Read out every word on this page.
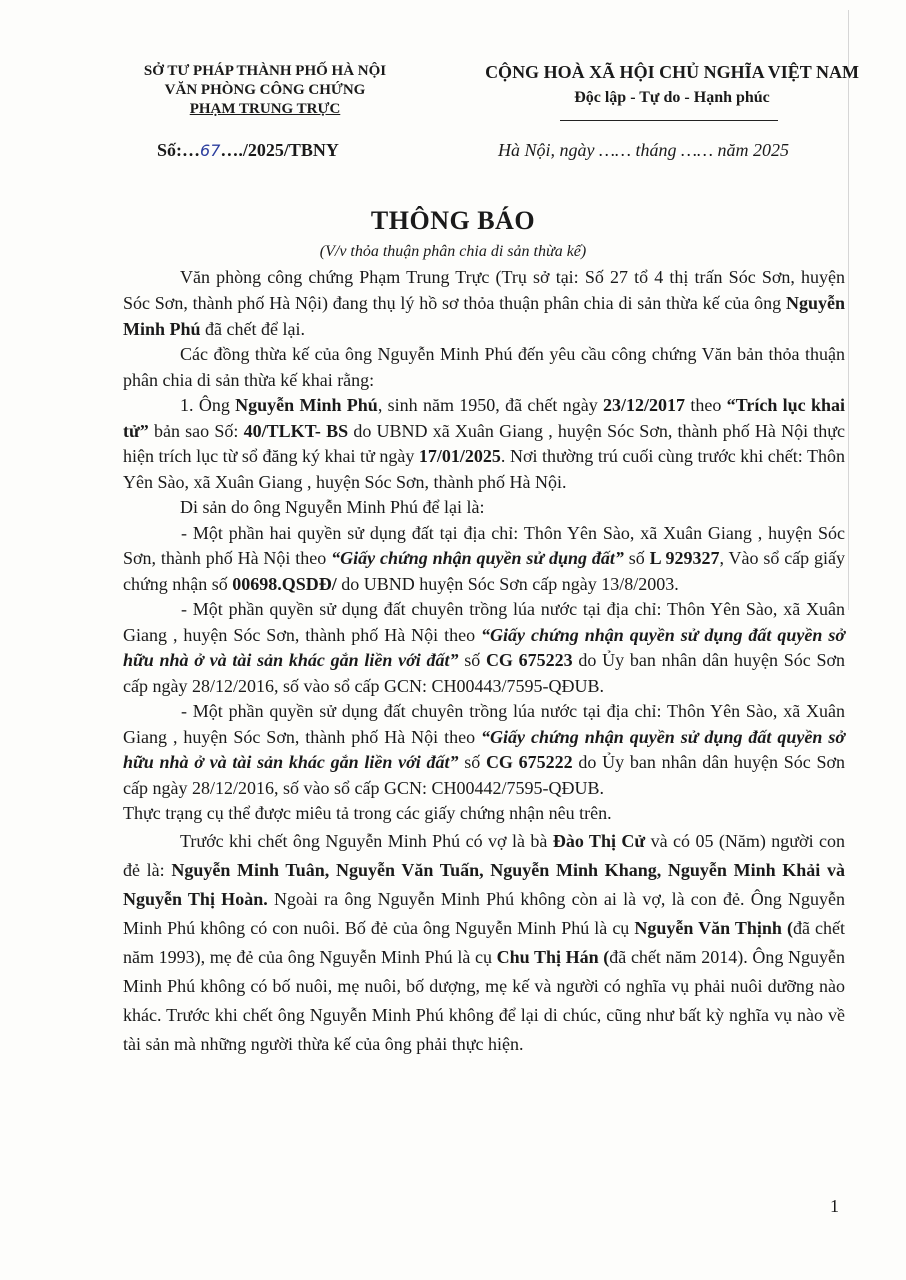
SỞ TƯ PHÁP THÀNH PHỐ HÀ NỘI
VĂN PHÒNG CÔNG CHỨNG
PHẠM TRUNG TRỰC
CỘNG HOÀ XÃ HỘI CHỦ NGHĨA VIỆT NAM
Độc lập - Tự do - Hạnh phúc
Số:…67…./2025/TBNY	Hà Nội, ngày …… tháng …… năm 2025
THÔNG BÁO
(V/v thỏa thuận phân chia di sản thừa kế)

Văn phòng công chứng Phạm Trung Trực (Trụ sở tại: Số 27 tổ 4 thị trấn Sóc Sơn, huyện Sóc Sơn, thành phố Hà Nội) đang thụ lý hồ sơ thỏa thuận phân chia di sản thừa kế của ông Nguyễn Minh Phú đã chết để lại.

Các đồng thừa kế của ông Nguyễn Minh Phú đến yêu cầu công chứng Văn bản thỏa thuận phân chia di sản thừa kế khai rằng:

1. Ông Nguyễn Minh Phú, sinh năm 1950, đã chết ngày 23/12/2017 theo “Trích lục khai tử” bản sao Số: 40/TLKT- BS do UBND xã Xuân Giang , huyện Sóc Sơn, thành phố Hà Nội thực hiện trích lục từ sổ đăng ký khai tử ngày 17/01/2025. Nơi thường trú cuối cùng trước khi chết: Thôn Yên Sào, xã Xuân Giang , huyện Sóc Sơn, thành phố Hà Nội.

Di sản do ông Nguyễn Minh Phú để lại là:

- Một phần hai quyền sử dụng đất tại địa chỉ: Thôn Yên Sào, xã Xuân Giang , huyện Sóc Sơn, thành phố Hà Nội theo “Giấy chứng nhận quyền sử dụng đất” số L 929327, Vào sổ cấp giấy chứng nhận số 00698.QSDĐ/ do UBND huyện Sóc Sơn cấp ngày 13/8/2003.

- Một phần quyền sử dụng đất chuyên trồng lúa nước tại địa chỉ: Thôn Yên Sào, xã Xuân Giang , huyện Sóc Sơn, thành phố Hà Nội theo “Giấy chứng nhận quyền sử dụng đất quyền sở hữu nhà ở và tài sản khác gắn liền với đất” số CG 675223 do Ủy ban nhân dân huyện Sóc Sơn cấp ngày 28/12/2016, số vào sổ cấp GCN: CH00443/7595-QĐUB.

- Một phần quyền sử dụng đất chuyên trồng lúa nước tại địa chỉ: Thôn Yên Sào, xã Xuân Giang , huyện Sóc Sơn, thành phố Hà Nội theo “Giấy chứng nhận quyền sử dụng đất quyền sở hữu nhà ở và tài sản khác gắn liền với đất” số CG 675222 do Ủy ban nhân dân huyện Sóc Sơn cấp ngày 28/12/2016, số vào sổ cấp GCN: CH00442/7595-QĐUB.

Thực trạng cụ thể được miêu tả trong các giấy chứng nhận nêu trên.

Trước khi chết ông Nguyễn Minh Phú có vợ là bà Đào Thị Cử và có 05 (Năm) người con đẻ là: Nguyễn Minh Tuân, Nguyễn Văn Tuấn, Nguyễn Minh Khang, Nguyễn Minh Khải và Nguyễn Thị Hoàn. Ngoài ra ông Nguyễn Minh Phú không còn ai là vợ, là con đẻ. Ông Nguyễn Minh Phú không có con nuôi. Bố đẻ của ông Nguyễn Minh Phú là cụ Nguyễn Văn Thịnh (đã chết năm 1993), mẹ đẻ của ông Nguyễn Minh Phú là cụ Chu Thị Hán (đã chết năm 2014). Ông Nguyễn Minh Phú không có bố nuôi, mẹ nuôi, bố dượng, mẹ kế và người có nghĩa vụ phải nuôi dưỡng nào khác. Trước khi chết ông Nguyễn Minh Phú không để lại di chúc, cũng như bất kỳ nghĩa vụ nào về tài sản mà những người thừa kế của ông phải thực hiện.

1
